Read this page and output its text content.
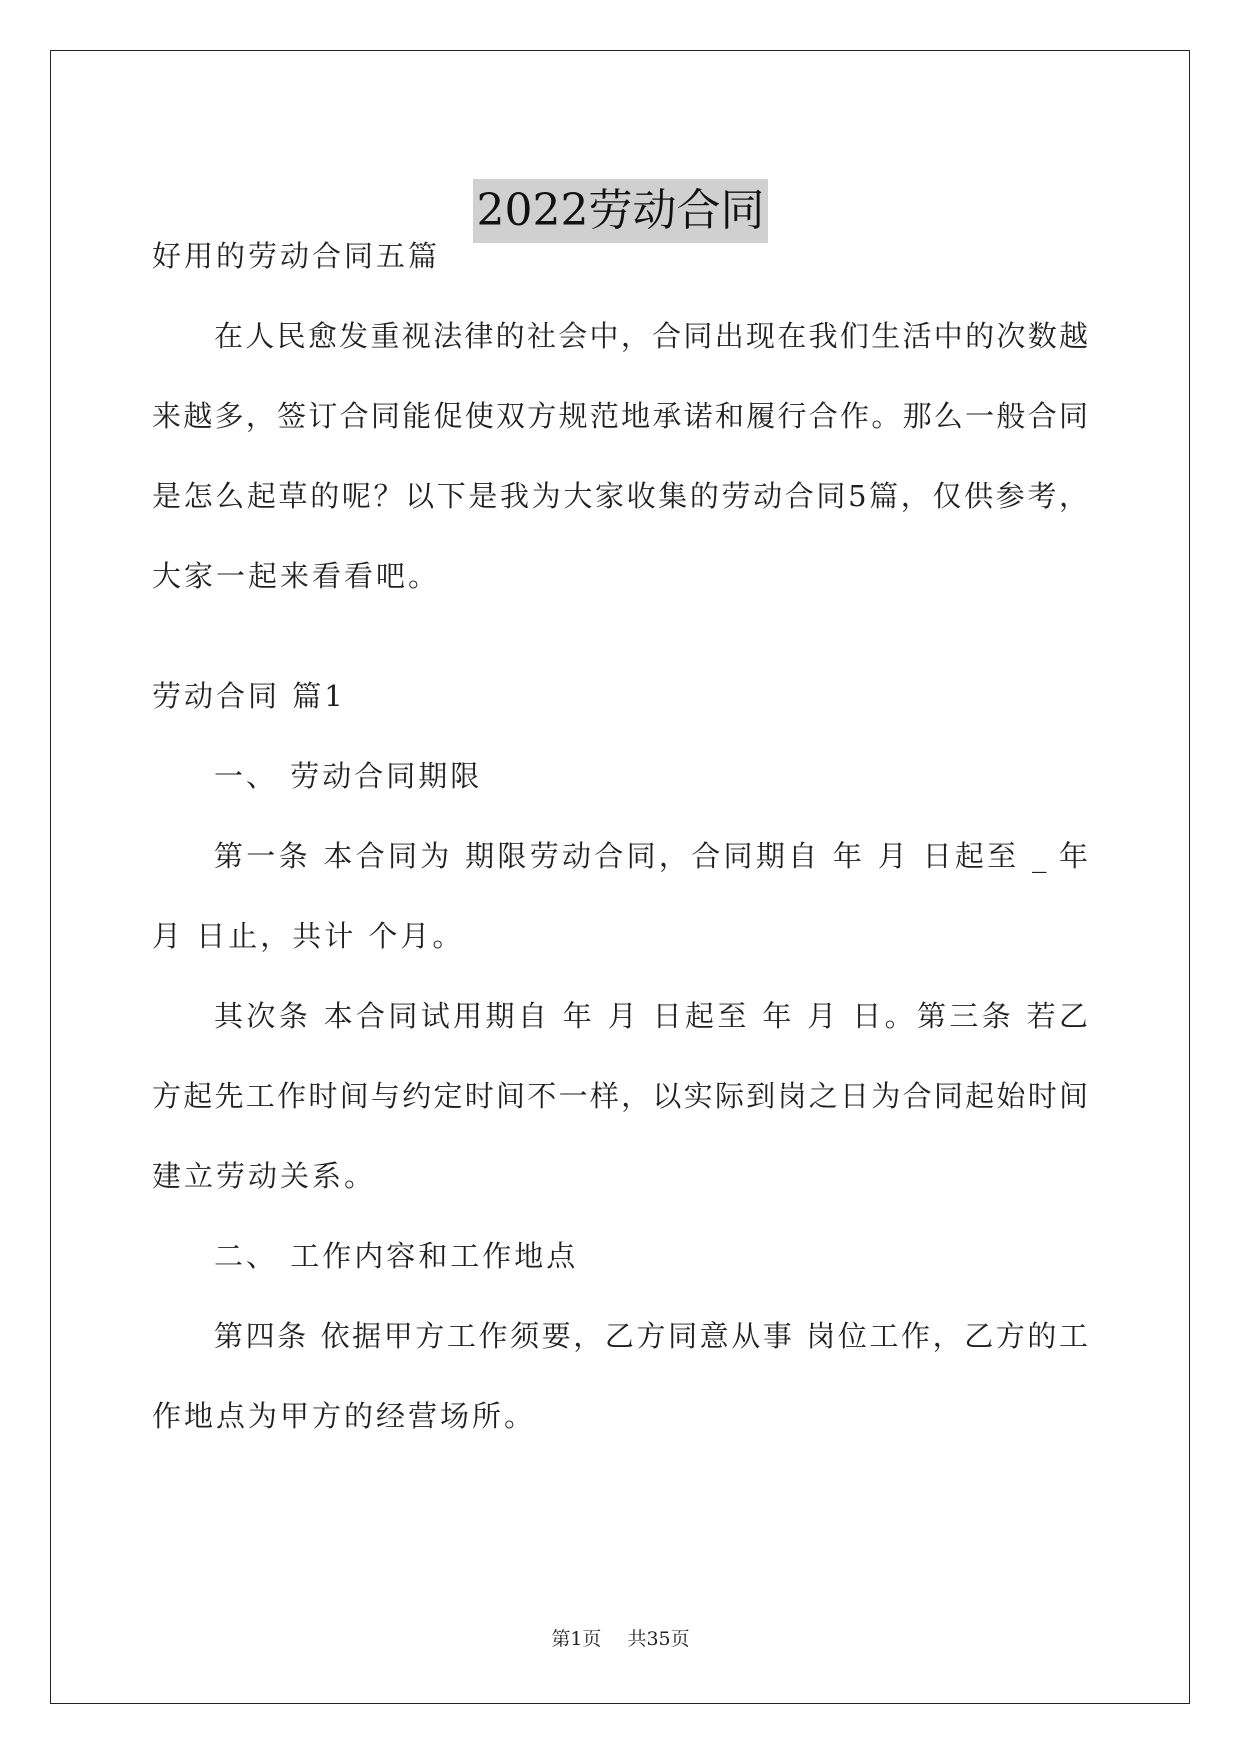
2022劳动合同
好用的劳动合同五篇
在人民愈发重视法律的社会中，合同出现在我们生活中的次数越
来越多，签订合同能促使双方规范地承诺和履行合作。那么一般合同
是怎么起草的呢？以下是我为大家收集的劳动合同5篇，仅供参考，
大家一起来看看吧。
劳动合同 篇1
一、 劳动合同期限
第一条 本合同为 期限劳动合同，合同期自 年 月 日起至 _ 年
月 日止，共计 个月。
其次条 本合同试用期自 年 月 日起至 年 月 日。第三条 若乙
方起先工作时间与约定时间不一样，以实际到岗之日为合同起始时间
建立劳动关系。
二、 工作内容和工作地点
第四条 依据甲方工作须要，乙方同意从事 岗位工作，乙方的工
作地点为甲方的经营场所。
第1页 共35页
